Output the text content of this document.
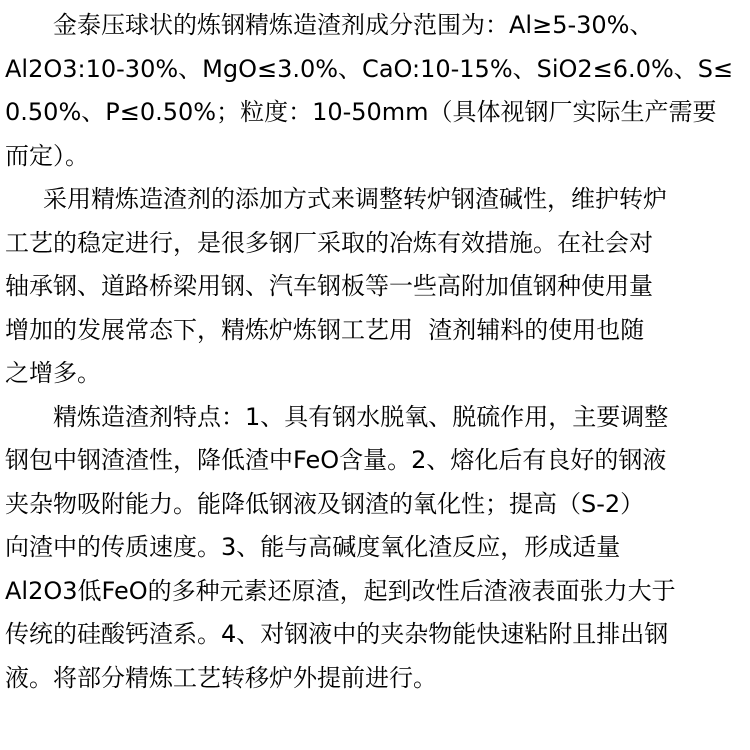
金泰压球状的炼钢精炼造渣剂成分范围为：Al≥5-30%、
Al2O3:10-30%、MgO≤3.0%、CaO:10-15%、SiO2≤6.0%、S≤
0.50%、P≤0.50%；粒度：10-50mm（具体视钢厂实际生产需要
而定）。
采用精炼造渣剂的添加方式来调整转炉钢渣碱性，维护转炉
工艺的稳定进行，是很多钢厂采取的冶炼有效措施。在社会对
轴承钢、道路桥梁用钢、汽车钢板等一些高附加值钢种使用量
增加的发展常态下，精炼炉炼钢工艺用  渣剂辅料的使用也随
之增多。
精炼造渣剂特点：1、具有钢水脱氧、脱硫作用，主要调整
钢包中钢渣渣性，降低渣中FeO含量。2、熔化后有良好的钢液
夹杂物吸附能力。能降低钢液及钢渣的氧化性；提高（S-2）
向渣中的传质速度。3、能与高碱度氧化渣反应，形成适量
Al2O3低FeO的多种元素还原渣，起到改性后渣液表面张力大于
传统的硅酸钙渣系。4、对钢液中的夹杂物能快速粘附且排出钢
液。将部分精炼工艺转移炉外提前进行。
